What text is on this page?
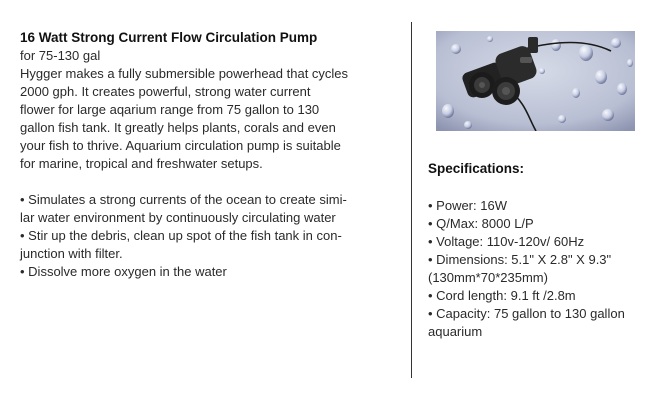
16 Watt Strong Current Flow Circulation Pump

for 75-130 gal

Hygger makes a fully submersible powerhead that cycles
2000 gph. It creates powerful, strong water current
flower for large aqarium range from 75 gallon to 130
gallon fish tank. It greatly helps plants, corals and even
your fish to thrive. Aquarium circulation pump is suitable
for marine, tropical and freshwater setups.
• Simulates a strong currents of the ocean to create simi-
lar water environment by continuously circulating water
• Stir up the debris, clean up spot of the fish tank in con-
junction with filter.
• Dissolve more oxygen in the water
Specifications:
• Power: 16W
• Q/Max: 8000 L/P
• Voltage: 110v-120v/ 60Hz
• Dimensions: 5.1" X 2.8" X 9.3"
(130mm*70*235mm)
• Cord length: 9.1 ft /2.8m
• Capacity: 75 gallon to 130 gallon
aquarium
